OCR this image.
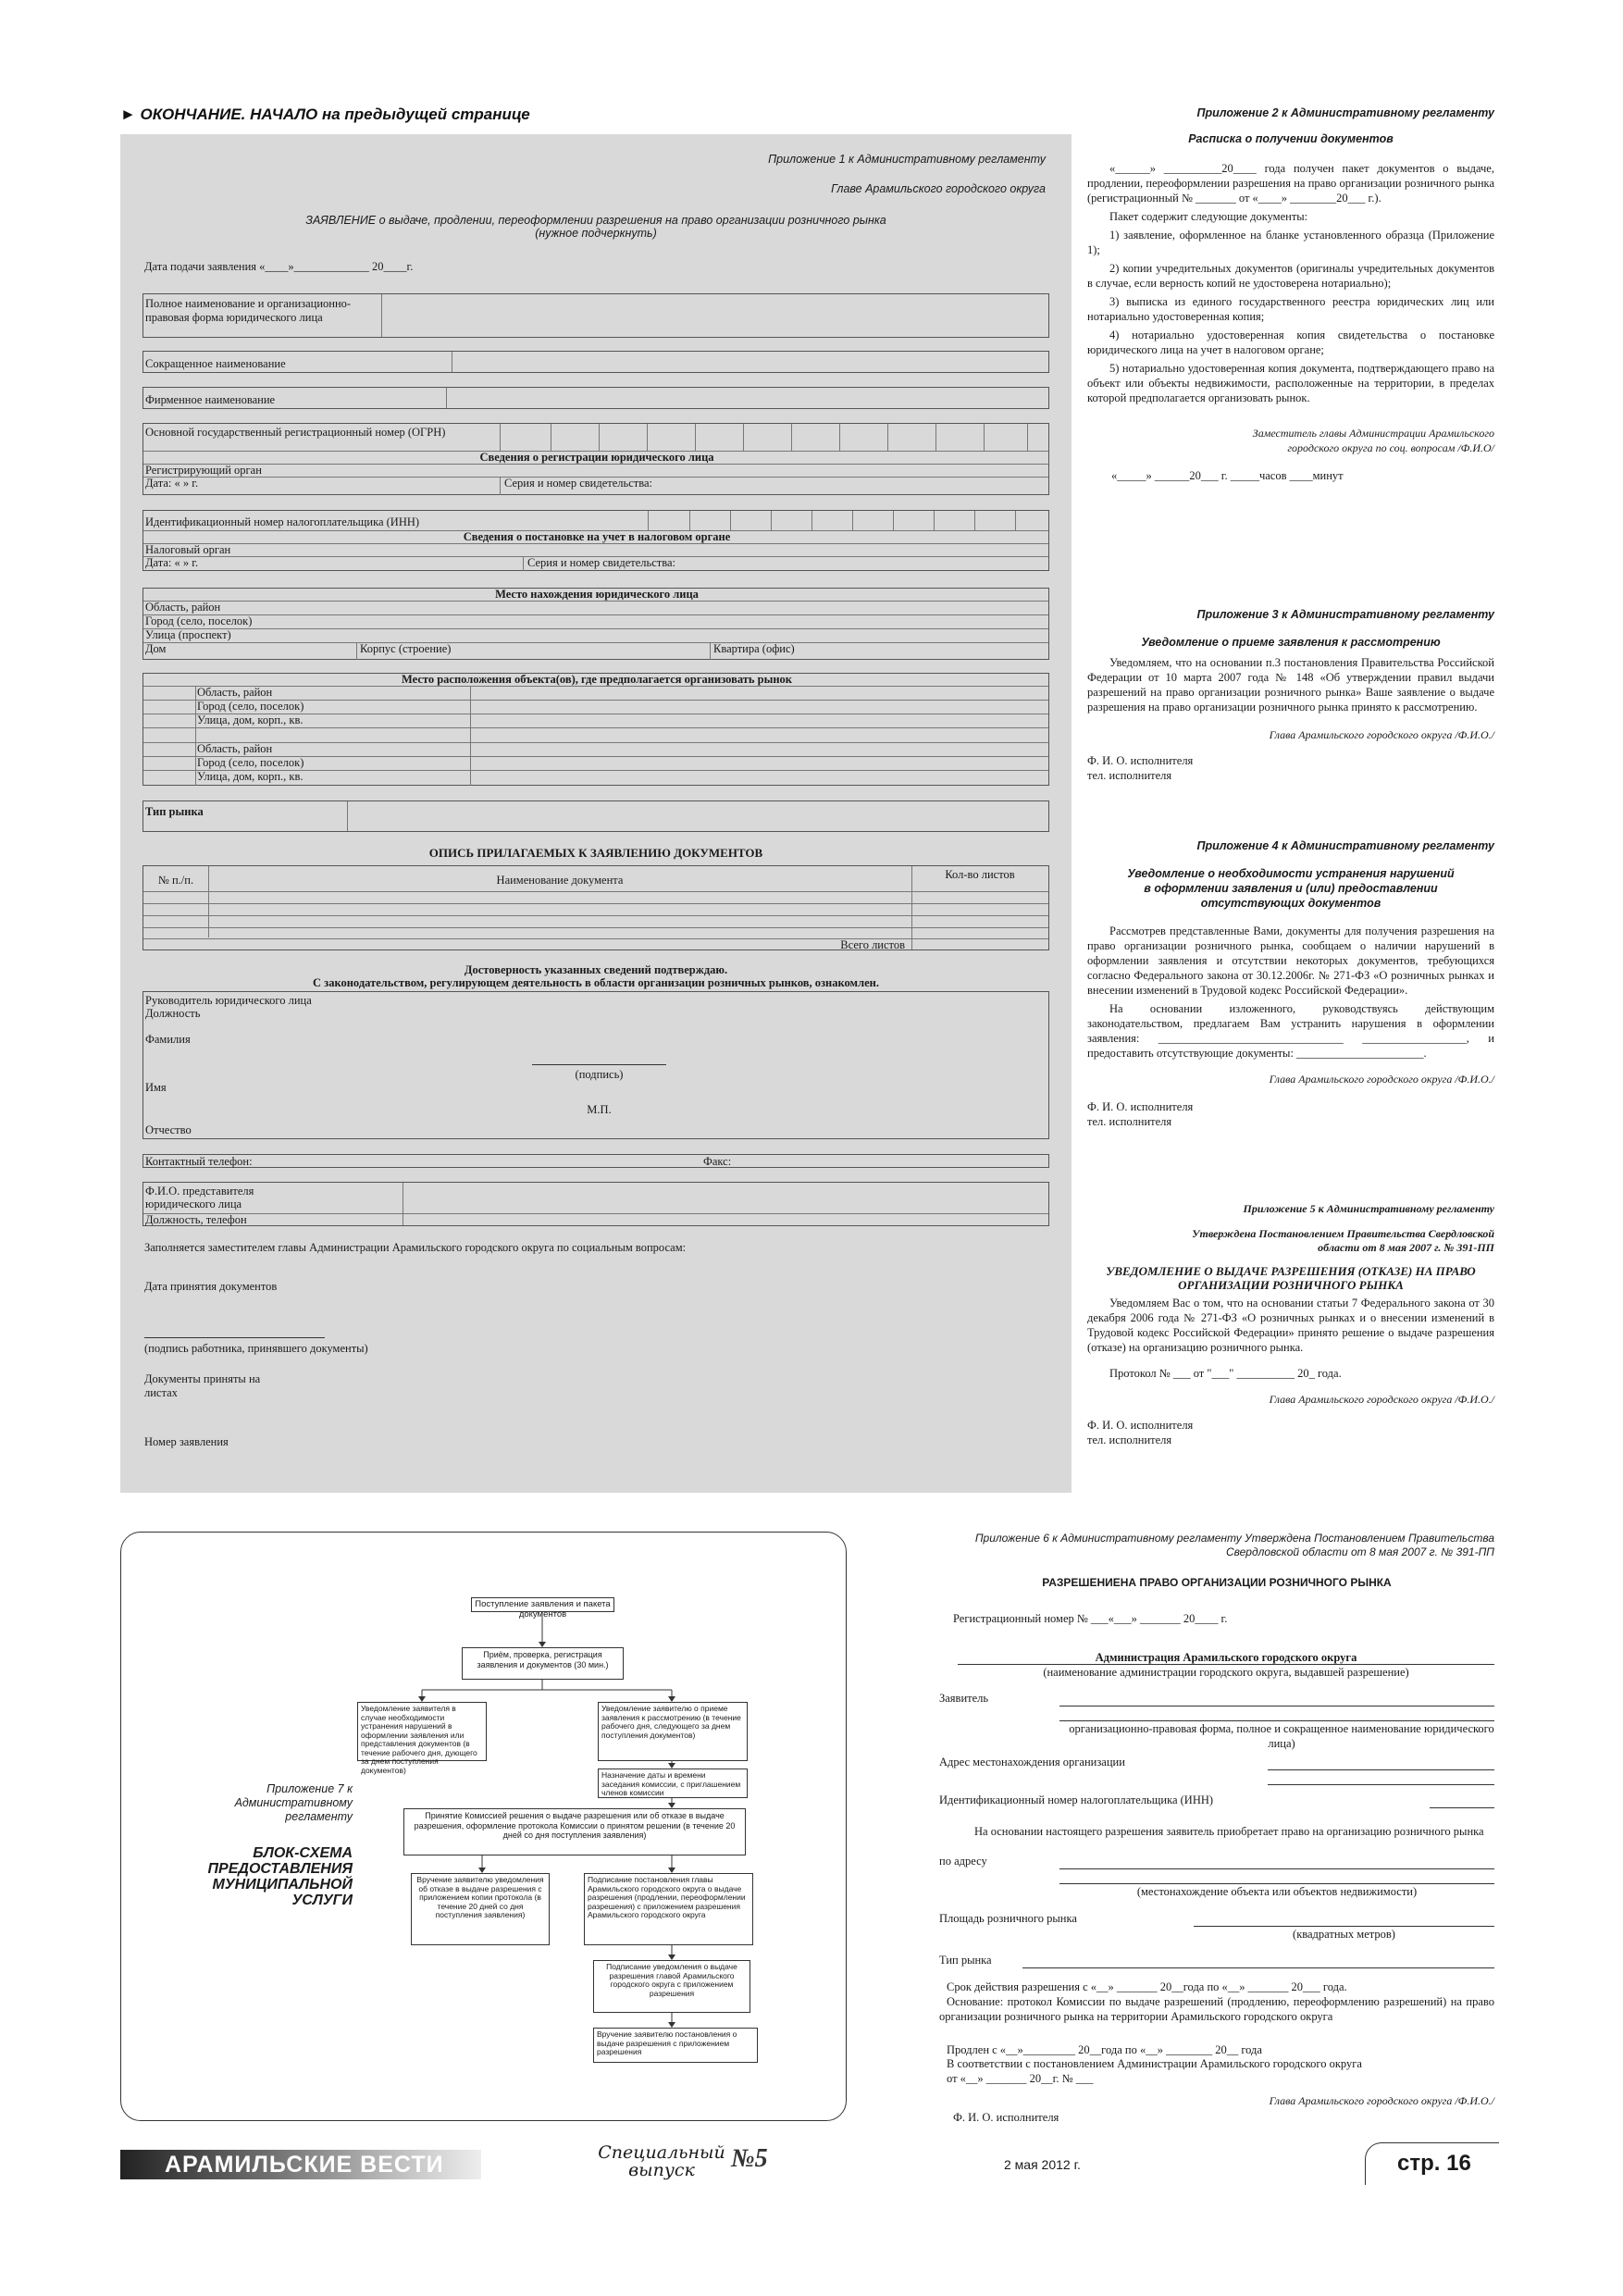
► ОКОНЧАНИЕ. НАЧАЛО на предыдущей странице
Приложение 1 к Административному регламенту
Главе Арамильского городского округа
ЗАЯВЛЕНИЕ о выдаче, продлении, переоформлении разрешения на право организации розничного рынка
(нужное подчеркнуть)
Дата подачи заявления «____»_____________ 20____г.
Полное наименование и организационно-правовая форма юридического лица
Сокращенное наименование
Фирменное наименование
Основной государственный регистрационный номер (ОГРН)
Сведения о регистрации юридического лица
Регистрирующий орган
Дата: « » г.	Серия и номер свидетельства:
Идентификационный номер налогоплательщика (ИНН)
Сведения о постановке на учет в налоговом органе
Налоговый орган
Дата: « » г.	Серия и номер свидетельства:
Место нахождения юридического лица
Область, район
Город (село, поселок)
Улица (проспект)
Дом	Корпус (строение)	Квартира (офис)
Место расположения объекта(ов), где предполагается организовать рынок
Область, район
Город (село, поселок)
Улица, дом, корп., кв.
Область, район
Город (село, поселок)
Улица, дом, корп., кв.
Тип рынка
ОПИСЬ ПРИЛАГАЕМЫХ К ЗАЯВЛЕНИЮ ДОКУМЕНТОВ
№ п./п.	Наименование документа	Кол-во листов
Всего листов
Достоверность указанных сведений подтверждаю.
С законодательством, регулирующем деятельность в области организации розничных рынков, ознакомлен.
Руководитель юридического лица
Должность
Фамилия
(подпись)
Имя
М.П.
Отчество
Контактный телефон:	Факс:
Ф.И.О. представителя юридического лица
Должность, телефон
Заполняется заместителем главы Администрации Арамильского городского округа по социальным вопросам:
Дата принятия документов
(подпись работника, принявшего документы)
Документы приняты на листах
Номер заявления
Приложение 2 к Административному регламенту
Расписка о получении документов

«______» __________20____ года получен пакет документов о выдаче, продлении, переоформлении разрешения на право организации розничного рынка (регистрационный № _______ от «____» ________20___ г.).

Пакет содержит следующие документы:

1) заявление, оформленное на бланке установленного образца (Приложение 1);

2) копии учредительных документов (оригиналы учредительных документов в случае, если верность копий не удостоверена нотариально);

3) выписка из единого государственного реестра юридических лиц или нотариально удостоверенная копия;

4) нотариально удостоверенная копия свидетельства о постановке юридического лица на учет в налоговом органе;

5) нотариально удостоверенная копия документа, подтверждающего право на объект или объекты недвижимости, расположенные на территории, в пределах которой предполагается организовать рынок.

Заместитель главы Администрации Арамильского городского округа по соц. вопросам /Ф.И.О/
«_____» ______20___ г. _____часов ____минут
Приложение 3 к Административному регламенту
Уведомление о приеме заявления к рассмотрению

Уведомляем, что на основании п.3 постановления Правительства Российской Федерации от 10 марта 2007 года № 148 «Об утверждении правил выдачи разрешений на право организации розничного рынка» Ваше заявление о выдаче разрешения на право организации розничного рынка принято к рассмотрению.

Глава Арамильского городского округа /Ф.И.О./
Ф. И. О. исполнителя
тел. исполнителя
Приложение 4 к Административному регламенту
Уведомление о необходимости устранения нарушений в оформлении заявления и (или) предоставлении отсутствующих документов

Рассмотрев представленные Вами, документы для получения разрешения на право организации розничного рынка, сообщаем о наличии нарушений в оформлении заявления и отсутствии некоторых документов, требующихся согласно Федерального закона от 30.12.2006г. № 271-ФЗ «О розничных рынках и внесении изменений в Трудовой кодекс Российской Федерации».

На основании изложенного, руководствуясь действующим законодательством, предлагаем Вам устранить нарушения в оформлении заявления: ________________________________ __________________, и предоставить отсутствующие документы: ______________________.

Глава Арамильского городского округа /Ф.И.О./
Ф. И. О. исполнителя
тел. исполнителя
Приложение 5 к Административному регламенту
Утверждена Постановлением Правительства Свердловской области от 8 мая 2007 г. № 391-ПП
УВЕДОМЛЕНИЕ О ВЫДАЧЕ РАЗРЕШЕНИЯ (ОТКАЗЕ) НА ПРАВО ОРГАНИЗАЦИИ РОЗНИЧНОГО РЫНКА

Уведомляем Вас о том, что на основании статьи 7 Федерального закона от 30 декабря 2006 года № 271-ФЗ «О розничных рынках и о внесении изменений в Трудовой кодекс Российской Федерации» принято решение о выдаче разрешения (отказе) на организацию розничного рынка.

Протокол № ___ от "___" __________ 20_ года.

Глава Арамильского городского округа /Ф.И.О./
Ф. И. О. исполнителя
тел. исполнителя
Приложение 7 к Административному регламенту
БЛОК-СХЕМА ПРЕДОСТАВЛЕНИЯ МУНИЦИПАЛЬНОЙ УСЛУГИ
Поступление заявления и пакета документов
Приём, проверка, регистрация заявления и документов (30 мин.)
Уведомление заявителя в случае необходимости устранения нарушений в оформлении заявления или представления документов (в течение рабочего дня, дующего за днем поступления документов)
Уведомление заявителю о приеме заявления к рассмотрению (в течение рабочего дня, следующего за днем поступления документов)
Назначение даты и времени заседания комиссии, с приглашением членов комиссии
Принятие Комиссией решения о выдаче разрешения или об отказе в выдаче разрешения, оформление протокола Комиссии о принятом решении (в течение 20 дней со дня поступления заявления)
Вручение заявителю уведомления об отказе в выдаче разрешения с приложением копии протокола (в течение 20 дней со дня поступления заявления)
Подписание постановления главы Арамильского городского округа о выдаче разрешения (продлении, переоформлении разрешения) с приложением разрешения Арамильского городского округа
Подписание уведомления о выдаче разрешения главой Арамильского городского округа с приложением разрешения
Вручение заявителю постановления о выдаче разрешения с приложением разрешения
Приложение 6 к Административному регламенту Утверждена Постановлением Правительства Свердловской области от 8 мая 2007 г. № 391-ПП
РАЗРЕШЕНИЕНА ПРАВО ОРГАНИЗАЦИИ РОЗНИЧНОГО РЫНКА
Регистрационный номер № ___«___» _______ 20____ г.
Администрация Арамильского городского округа
(наименование администрации городского округа, выдавшей разрешение)
Заявитель
организационно-правовая форма, полное и сокращенное наименование юридического лица)
Адрес местонахождения организации
Идентификационный номер налогоплательщика (ИНН)
На основании настоящего разрешения заявитель приобретает право на организацию розничного рынка
по адресу
(местонахождение объекта или объектов недвижимости)
Площадь розничного рынка
(квадратных метров)
Тип рынка
Срок действия разрешения с «__» _______ 20__года по «__» _______ 20___ года.
Основание: протокол Комиссии по выдаче разрешений (продлению, переоформлению разрешений) на право организации розничного рынка на территории Арамильского городского округа
Продлен с «__»_________ 20__года по «__» ________ 20__ года
В соответствии с постановлением Администрации Арамильского городского округа
от «__» _______ 20__г. № ___
Глава Арамильского городского округа /Ф.И.О./
Ф. И. О. исполнителя
АРАМИЛЬСКИЕ ВЕСТИ	Специальный выпуск	№5	2 мая 2012 г.	стр. 16
